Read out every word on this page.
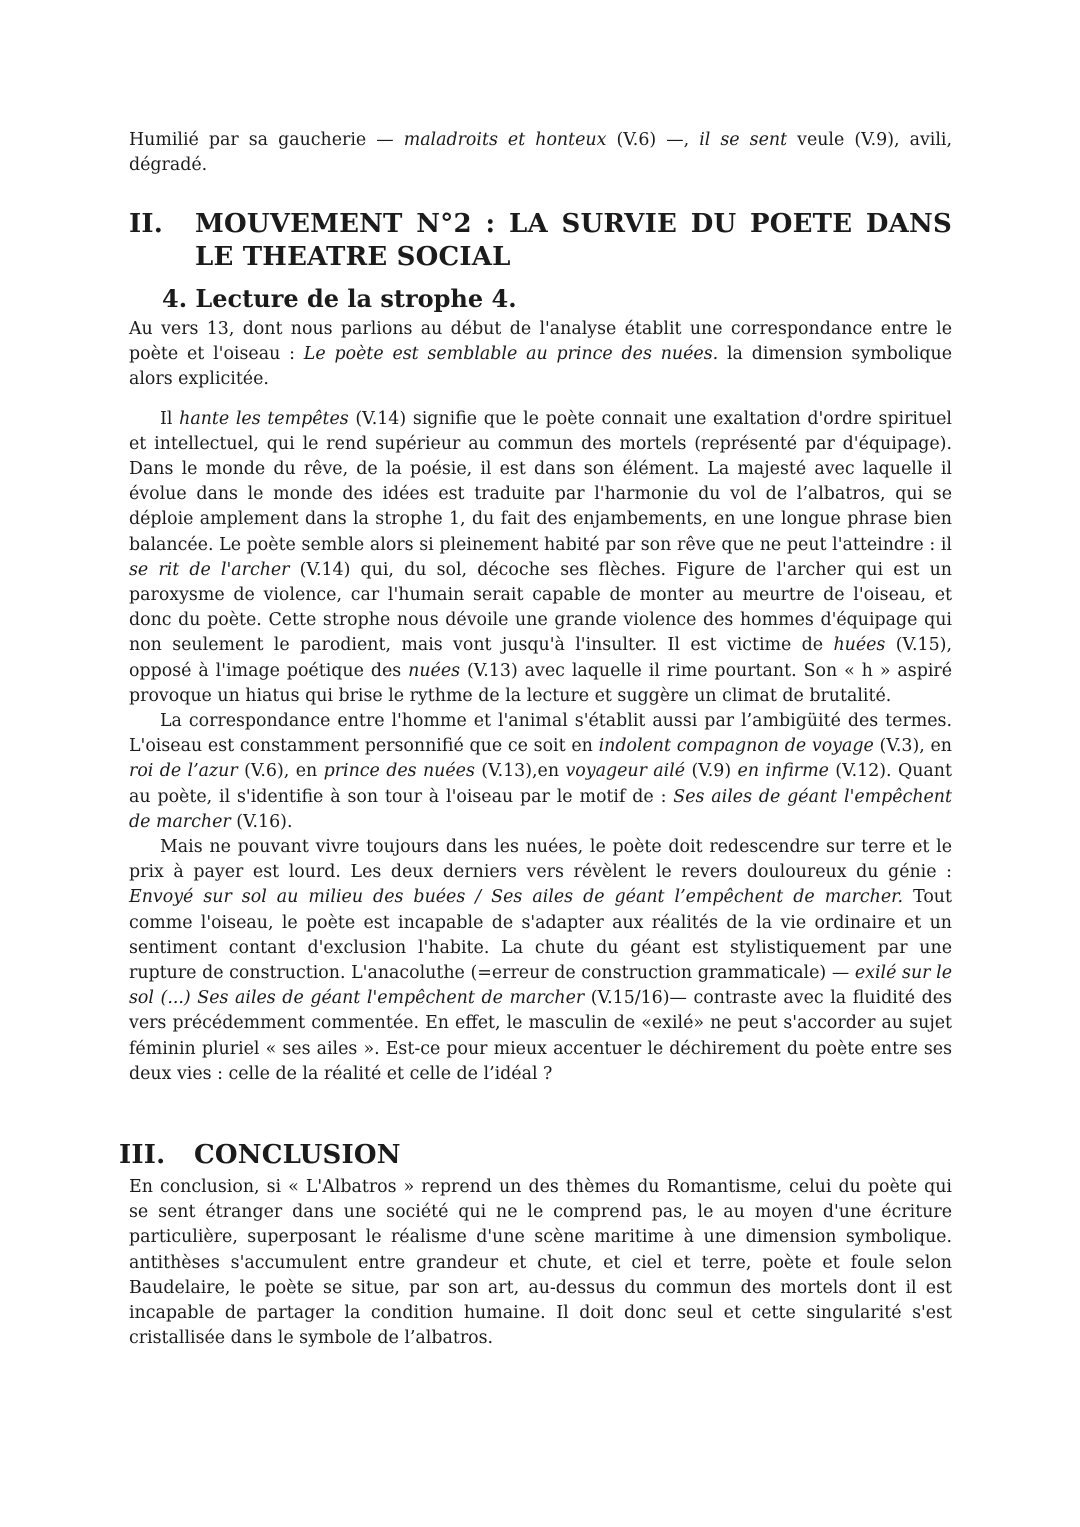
Humilié par sa gaucherie — maladroits et honteux (V.6) —, il se sent veule (V.9), avili, dégradé.

II.	MOUVEMENT N°2 : LA SURVIE DU POETE DANS LE THEATRE SOCIAL
4. Lecture de la strophe 4.

Au vers 13, dont nous parlions au début de l'analyse établit une correspondance entre le poète et l'oiseau : Le poète est semblable au prince des nuées. la dimension symbolique alors explicitée.

Il hante les tempêtes (V.14) signifie que le poète connait une exaltation d'ordre spirituel et intellectuel, qui le rend supérieur au commun des mortels (représenté par d'équipage). Dans le monde du rêve, de la poésie, il est dans son élément. La majesté avec laquelle il évolue dans le monde des idées est traduite par l'harmonie du vol de l’albatros, qui se déploie amplement dans la strophe 1, du fait des enjambements, en une longue phrase bien balancée. Le poète semble alors si pleinement habité par son rêve que ne peut l'atteindre : il se rit de l'archer (V.14) qui, du sol, décoche ses flèches. Figure de l'archer qui est un paroxysme de violence, car l'humain serait capable de monter au meurtre de l'oiseau, et donc du poète. Cette strophe nous dévoile une grande violence des hommes d'équipage qui non seulement le parodient, mais vont jusqu'à l'insulter. Il est victime de huées (V.15), opposé à l'image poétique des nuées (V.13) avec laquelle il rime pourtant. Son « h » aspiré provoque un hiatus qui brise le rythme de la lecture et suggère un climat de brutalité.

La correspondance entre l'homme et l'animal s'établit aussi par l’ambigüité des termes. L'oiseau est constamment personnifié que ce soit en indolent compagnon de voyage (V.3), en roi de l’azur (V.6), en prince des nuées (V.13),en voyageur ailé (V.9) en infirme (V.12). Quant au poète, il s'identifie à son tour à l'oiseau par le motif de : Ses ailes de géant l'empêchent de marcher (V.16).

Mais ne pouvant vivre toujours dans les nuées, le poète doit redescendre sur terre et le prix à payer est lourd. Les deux derniers vers révèlent le revers douloureux du génie : Envoyé sur sol au milieu des buées / Ses ailes de géant l’empêchent de marcher. Tout comme l'oiseau, le poète est incapable de s'adapter aux réalités de la vie ordinaire et un sentiment contant d'exclusion l'habite. La chute du géant est stylistiquement par une rupture de construction. L'anacoluthe (=erreur de construction grammaticale) — exilé sur le sol (...) Ses ailes de géant l'empêchent de marcher (V.15/16)— contraste avec la fluidité des vers précédemment commentée. En effet, le masculin de «exilé» ne peut s'accorder au sujet féminin pluriel « ses ailes ». Est-ce pour mieux accentuer le déchirement du poète entre ses deux vies : celle de la réalité et celle de l’idéal ?

III.	CONCLUSION

En conclusion, si « L'Albatros » reprend un des thèmes du Romantisme, celui du poète qui se sent étranger dans une société qui ne le comprend pas, le au moyen d'une écriture particulière, superposant le réalisme d'une scène maritime à une dimension symbolique. antithèses s'accumulent entre grandeur et chute, et ciel et terre, poète et foule selon Baudelaire, le poète se situe, par son art, au-dessus du commun des mortels dont il est incapable de partager la condition humaine. Il doit donc seul et cette singularité s'est cristallisée dans le symbole de l’albatros.
